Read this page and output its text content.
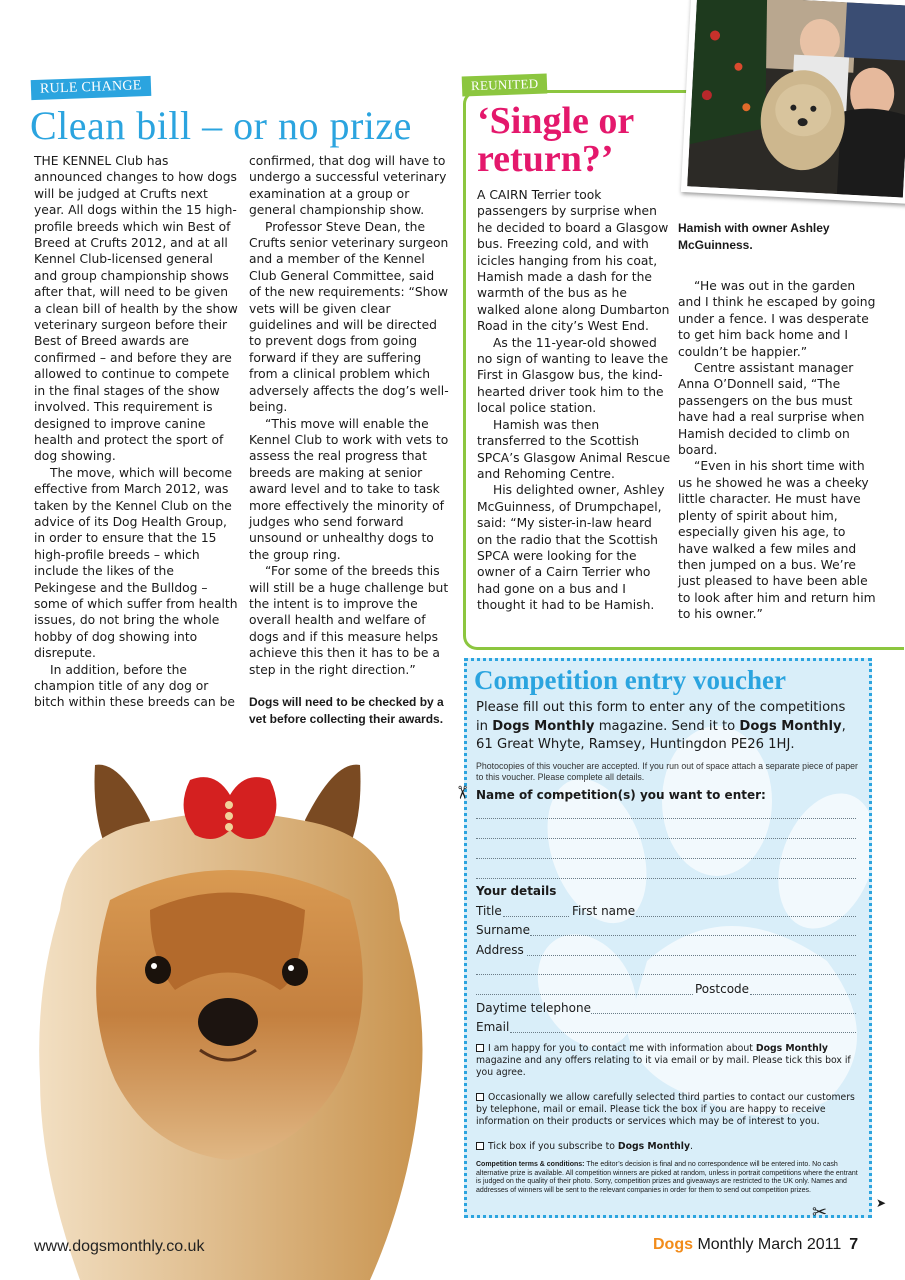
RULE CHANGE
Clean bill – or no prize

THE KENNEL Club has announced changes to how dogs will be judged at Crufts next year. All dogs within the 15 high-profile breeds which win Best of Breed at Crufts 2012, and at all Kennel Club-licensed general and group championship shows after that, will need to be given a clean bill of health by the show veterinary surgeon before their Best of Breed awards are confirmed – and before they are allowed to continue to compete in the final stages of the show involved. This requirement is designed to improve canine health and protect the sport of dog showing.

The move, which will become effective from March 2012, was taken by the Kennel Club on the advice of its Dog Health Group, in order to ensure that the 15 high-profile breeds – which include the likes of the Pekingese and the Bulldog – some of which suffer from health issues, do not bring the whole hobby of dog showing into disrepute.

In addition, before the champion title of any dog or bitch within these breeds can be

confirmed, that dog will have to undergo a successful veterinary examination at a group or general championship show.

Professor Steve Dean, the Crufts senior veterinary surgeon and a member of the Kennel Club General Committee, said of the new requirements: “Show vets will be given clear guidelines and will be directed to prevent dogs from going forward if they are suffering from a clinical problem which adversely affects the dog’s well-being.

“This move will enable the Kennel Club to work with vets to assess the real progress that breeds are making at senior award level and to take to task more effectively the minority of judges who send forward unsound or unhealthy dogs to the group ring.

“For some of the breeds this will still be a huge challenge but the intent is to improve the overall health and welfare of dogs and if this measure helps achieve this then it has to be a step in the right direction.”

Dogs will need to be checked by a vet before collecting their awards.

REUNITED
‘Single or
return?’

A CAIRN Terrier took passengers by surprise when he decided to board a Glasgow bus. Freezing cold, and with icicles hanging from his coat, Hamish made a dash for the warmth of the bus as he walked alone along Dumbarton Road in the city’s West End.

As the 11-year-old showed no sign of wanting to leave the First in Glasgow bus, the kind-hearted driver took him to the local police station.

Hamish was then transferred to the Scottish SPCA’s Glasgow Animal Rescue and Rehoming Centre.

His delighted owner, Ashley McGuinness, of Drumpchapel, said: “My sister-in-law heard on the radio that the Scottish SPCA were looking for the owner of a Cairn Terrier who had gone on a bus and I thought it had to be Hamish.

Hamish with owner Ashley McGuinness.

“He was out in the garden and I think he escaped by going under a fence. I was desperate to get him back home and I couldn’t be happier.”

Centre assistant manager Anna O’Donnell said, “The passengers on the bus must have had a real surprise when Hamish decided to climb on board.

“Even in his short time with us he showed he was a cheeky little character. He must have plenty of spirit about him, especially given his age, to have walked a few miles and then jumped on a bus. We’re just pleased to have been able to look after him and return him to his owner.”

Competition entry voucher
Please fill out this form to enter any of the competitions in Dogs Monthly magazine. Send it to Dogs Monthly, 61 Great Whyte, Ramsey, Huntingdon PE26 1HJ.
Photocopies of this voucher are accepted. If you run out of space attach a separate piece of paper to this voucher. Please complete all details.
✂ Name of competition(s) you want to enter:
Your details
Title	First name
Surname
Address
Postcode
Daytime telephone
Email
I am happy for you to contact me with information about Dogs Monthly magazine and any offers relating to it via email or by mail. Please tick this box if you agree.
Occasionally we allow carefully selected third parties to contact our customers by telephone, mail or email. Please tick the box if you are happy to receive information on their products or services which may be of interest to you.
Tick box if you subscribe to Dogs Monthly.
Competition terms & conditions: The editor’s decision is final and no correspondence will be entered into. No cash alternative prize is available. All competition winners are picked at random, unless in portrait competitions where the entrant is judged on the quality of their photo. Sorry, competition prizes and giveaways are restricted to the UK only. Names and addresses of winners will be sent to the relevant companies in order for them to send out competition prizes.
✂	➤
www.dogsmonthly.co.uk	Dogs Monthly March 2011 7
